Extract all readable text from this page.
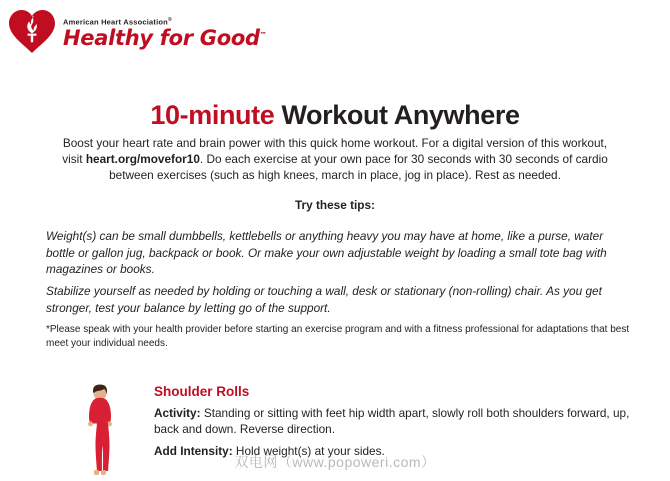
American Heart Association®
Healthy for Good™
10-minute Workout Anywhere

Boost your heart rate and brain power with this quick home workout. For a digital version of this workout, visit heart.org/movefor10. Do each exercise at your own pace for 30 seconds with 30 seconds of cardio between exercises (such as high knees, march in place, jog in place). Rest as needed.

Try these tips:

Weight(s) can be small dumbbells, kettlebells or anything heavy you may have at home, like a purse, water bottle or gallon jug, backpack or book. Or make your own adjustable weight by loading a small tote bag with magazines or books.

Stabilize yourself as needed by holding or touching a wall, desk or stationary (non-rolling) chair. As you get stronger, test your balance by letting go of the support.

*Please speak with your health provider before starting an exercise program and with a fitness professional for adaptations that best meet your individual needs.

Shoulder Rolls
Activity: Standing or sitting with feet hip width apart, slowly roll both shoulders forward, up, back and down. Reverse direction.
Add Intensity: Hold weight(s) at your sides.
双电网（www.popoweri.com）
